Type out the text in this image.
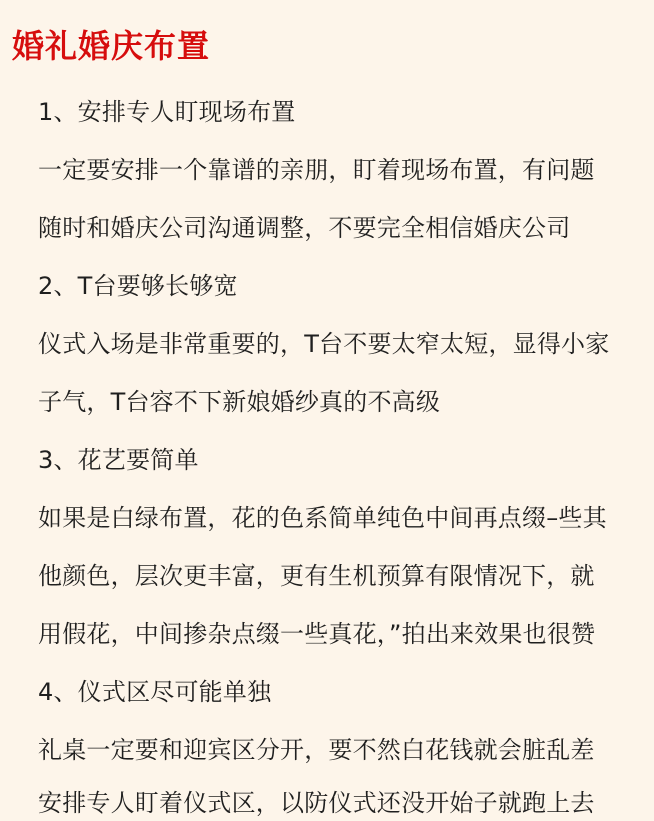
婚礼婚庆布置

1、安排专人盯现场布置

一定要安排一个靠谱的亲朋，盯着现场布置，有问题

随时和婚庆公司沟通调整，不要完全相信婚庆公司

2、T台要够长够宽

仪式入场是非常重要的，T台不要太窄太短，显得小家

子气，T台容不下新娘婚纱真的不高级

3、花艺要简单

如果是白绿布置，花的色系简单纯色中间再点缀–些其

他颜色，层次更丰富，更有生机预算有限情况下，就

用假花，中间掺杂点缀一些真花，”拍出来效果也很赞

4、仪式区尽可能单独

礼桌一定要和迎宾区分开，要不然白花钱就会脏乱差

安排专人盯着仪式区，以防仪式还没开始子就跑上去
